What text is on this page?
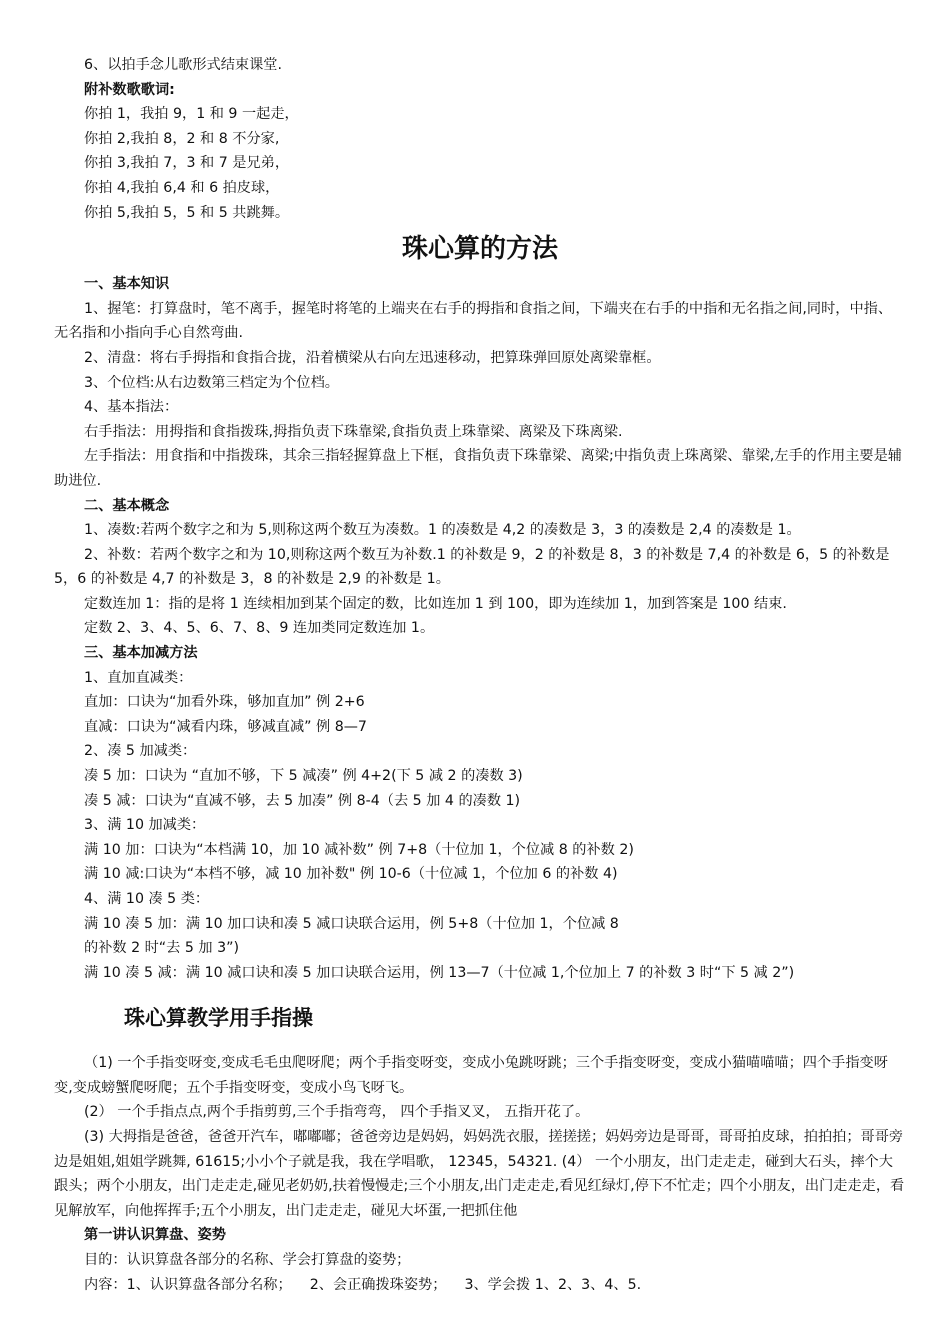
6、以拍手念儿歌形式结束课堂.

附补数歌歌词:

你拍 1，我拍 9，1 和 9 一起走，

你拍 2,我拍 8，2 和 8 不分家,

你拍 3,我拍 7，3 和 7 是兄弟，

你拍 4,我拍 6,4 和 6 拍皮球，

你拍 5,我拍 5，5 和 5 共跳舞。

珠心算的方法

一、基本知识

1、握笔：打算盘时，笔不离手，握笔时将笔的上端夹在右手的拇指和食指之间，下端夹在右手的中指和无名指之间,同时，中指、无名指和小指向手心自然弯曲.

2、清盘：将右手拇指和食指合拢，沿着横梁从右向左迅速移动，把算珠弹回原处离梁靠框。

3、个位档:从右边数第三档定为个位档。

4、基本指法：

右手指法：用拇指和食指拨珠,拇指负责下珠靠梁,食指负责上珠靠梁、离梁及下珠离梁.

左手指法：用食指和中指拨珠，其余三指轻握算盘上下框，食指负责下珠靠梁、离梁;中指负责上珠离梁、靠梁,左手的作用主要是辅助进位.

二、基本概念

1、凑数:若两个数字之和为 5,则称这两个数互为凑数。1 的凑数是 4,2 的凑数是 3，3 的凑数是 2,4 的凑数是 1。

2、补数：若两个数字之和为 10,则称这两个数互为补数.1 的补数是 9，2 的补数是 8，3 的补数是 7,4 的补数是 6，5 的补数是 5，6 的补数是 4,7 的补数是 3，8 的补数是 2,9 的补数是 1。

定数连加 1：指的是将 1 连续相加到某个固定的数，比如连加 1 到 100，即为连续加 1，加到答案是 100 结束.

定数 2、3、4、5、6、7、8、9 连加类同定数连加 1。

三、基本加减方法

1、直加直减类：

直加：口诀为“加看外珠，够加直加” 例 2+6

直减：口诀为“减看内珠，够减直减” 例 8—7

2、凑 5 加减类：

凑 5 加：口诀为 “直加不够，下 5 减凑” 例 4+2(下 5 减 2 的凑数 3)

凑 5 减：口诀为“直减不够，去 5 加凑” 例 8-4（去 5 加 4 的凑数 1)

3、满 10 加减类：

满 10 加：口诀为“本档满 10，加 10 减补数” 例 7+8（十位加 1，个位减 8 的补数 2)

满 10 减:口诀为“本档不够，减 10 加补数" 例 10-6（十位减 1，个位加 6 的补数 4)

4、满 10 凑 5 类：

满 10 凑 5 加：满 10 加口诀和凑 5 减口诀联合运用，例 5+8（十位加 1，个位减 8

的补数 2 时“去 5 加 3”)

满 10 凑 5 减：满 10 减口诀和凑 5 加口诀联合运用，例 13—7（十位减 1,个位加上 7 的补数 3 时“下 5 减 2”)

珠心算教学用手指操

（1) 一个手指变呀变,变成毛毛虫爬呀爬；两个手指变呀变，变成小兔跳呀跳；三个手指变呀变，变成小猫喵喵喵；四个手指变呀变,变成螃蟹爬呀爬；五个手指变呀变，变成小鸟飞呀飞。

(2） 一个手指点点,两个手指剪剪,三个手指弯弯， 四个手指叉叉， 五指开花了。

(3) 大拇指是爸爸，爸爸开汽车，嘟嘟嘟；爸爸旁边是妈妈，妈妈洗衣服，搓搓搓；妈妈旁边是哥哥，哥哥拍皮球，拍拍拍；哥哥旁边是姐姐,姐姐学跳舞, 61615;小小个子就是我，我在学唱歌， 12345，54321. (4） 一个小朋友，出门走走走，碰到大石头，摔个大跟头；两个小朋友，出门走走走,碰见老奶奶,扶着慢慢走;三个小朋友,出门走走走,看见红绿灯,停下不忙走；四个小朋友，出门走走走，看见解放军，向他挥挥手;五个小朋友，出门走走走，碰见大坏蛋,一把抓住他

第一讲认识算盘、姿势

目的：认识算盘各部分的名称、学会打算盘的姿势；

内容：1、认识算盘各部分名称；    2、会正确拨珠姿势；    3、学会拨 1、2、3、4、5.
